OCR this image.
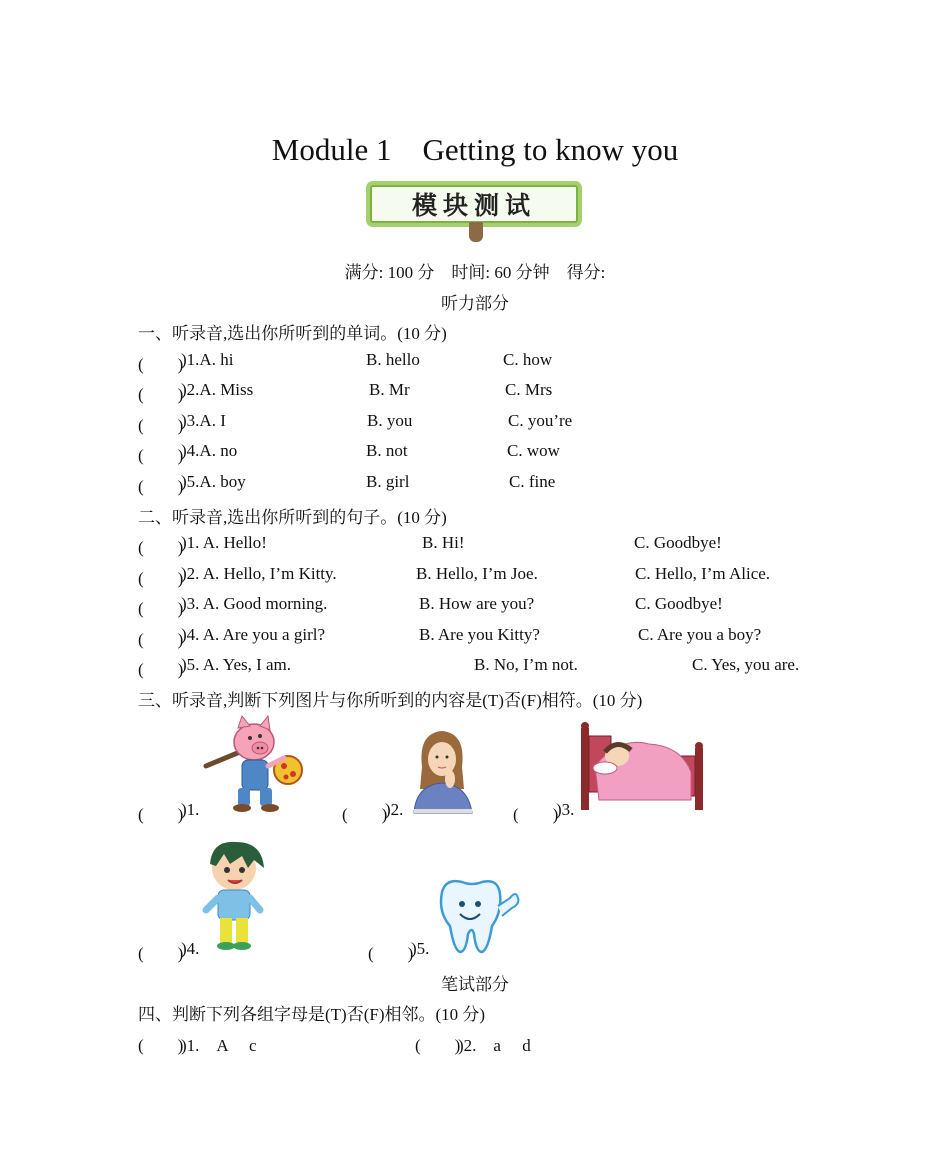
Module 1　Getting to know you
模块测试
满分: 100 分　时间: 60 分钟　得分:
听力部分
一、听录音,选出你所听到的单词。(10 分)
(　　)
)1.A. hi	B. hello	C. how
(　　)
)2.A. Miss	B. Mr	C. Mrs
(　　)
)3.A. I	B. you	C. you’re
(　　)
)4.A. no	B. not	C. wow
(　　)
)5.A. boy	B. girl	C. fine
二、听录音,选出你所听到的句子。(10 分)
(　　)
)1. A. Hello!	B. Hi!	C. Goodbye!
(　　)
)2. A. Hello, I’m Kitty.	B. Hello, I’m Joe.	C. Hello, I’m Alice.
(　　)
)3. A. Good morning.	B. How are you?	C. Goodbye!
(　　)
)4. A. Are you a girl?	B. Are you Kitty?	C. Are you a boy?
(　　)
)5. A. Yes, I am.	B. No, I’m not.	C. Yes, you are.
三、听录音,判断下列图片与你所听到的内容是(T)否(F)相符。(10 分)
(　　)
)1.	(　　)
)2.	(　　)
)3.
(　　)
)4.	(　　)
)5.
笔试部分
四、判断下列各组字母是(T)否(F)相邻。(10 分)
(　　)
)1.　A　 c	(　　)
)2.　a　 d
